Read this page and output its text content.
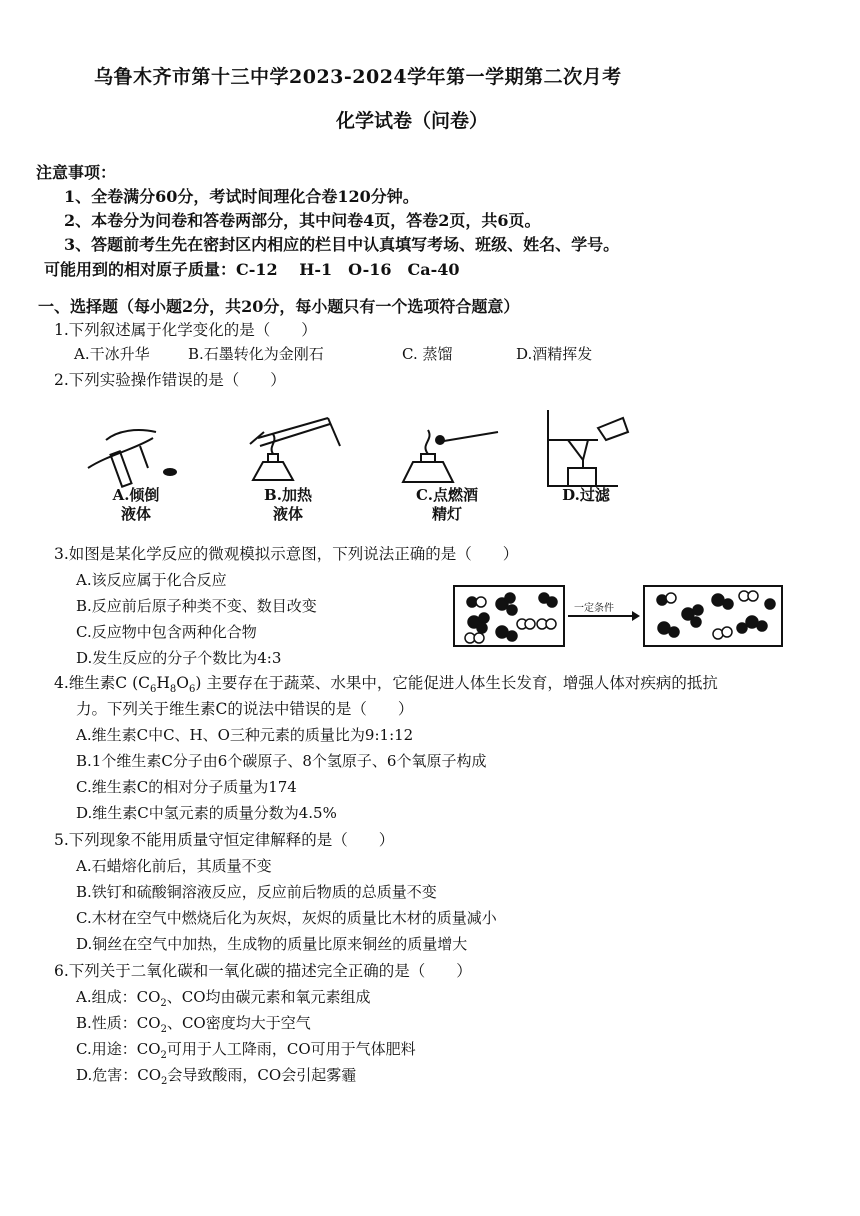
乌鲁木齐市第十三中学2023-2024学年第一学期第二次月考
化学试卷（问卷）
注意事项：
1、全卷满分60分，考试时间理化合卷120分钟。
2、本卷分为问卷和答卷两部分，其中问卷4页，答卷2页，共6页。
3、答题前考生先在密封区内相应的栏目中认真填写考场、班级、姓名、学号。
可能用到的相对原子质量：C-12　 H-1　O-16　Ca-40
一、选择题（每小题2分，共20分，每小题只有一个选项符合题意）
1.下列叙述属于化学变化的是（　　）
A.干冰升华	B.石墨转化为金刚石	C. 蒸馏	D.酒精挥发
2.下列实验操作错误的是（　　）
A.倾倒
液体
B.加热
液体
C.点燃酒
精灯
D.过滤
3.如图是某化学反应的微观模拟示意图，下列说法正确的是（　　）
A.该反应属于化合反应
B.反应前后原子种类不变、数目改变
C.反应物中包含两种化合物
D.发生反应的分子个数比为4:3
一定条件
4.维生素C $(C_6H_8O_6)$ 主要存在于蔬菜、水果中，它能促进人体生长发育，增强人体对疾病的抵抗
力。下列关于维生素C的说法中错误的是（　　）
A.维生素C中C、H、O三种元素的质量比为9:1:12
B.1个维生素C分子由6个碳原子、8个氢原子、6个氧原子构成
C.维生素C的相对分子质量为174
D.维生素C中氢元素的质量分数为4.5%
5.下列现象不能用质量守恒定律解释的是（　　）
A.石蜡熔化前后，其质量不变
B.铁钉和硫酸铜溶液反应，反应前后物质的总质量不变
C.木材在空气中燃烧后化为灰烬，灰烬的质量比木材的质量减小
D.铜丝在空气中加热，生成物的质量比原来铜丝的质量增大
6.下列关于二氧化碳和一氧化碳的描述完全正确的是（　　）
A.组成：$CO_2$、CO均由碳元素和氧元素组成
B.性质：$CO_2$、CO密度均大于空气
C.用途：$CO_2$可用于人工降雨，CO可用于气体肥料
D.危害：$CO_2$会导致酸雨，CO会引起雾霾
